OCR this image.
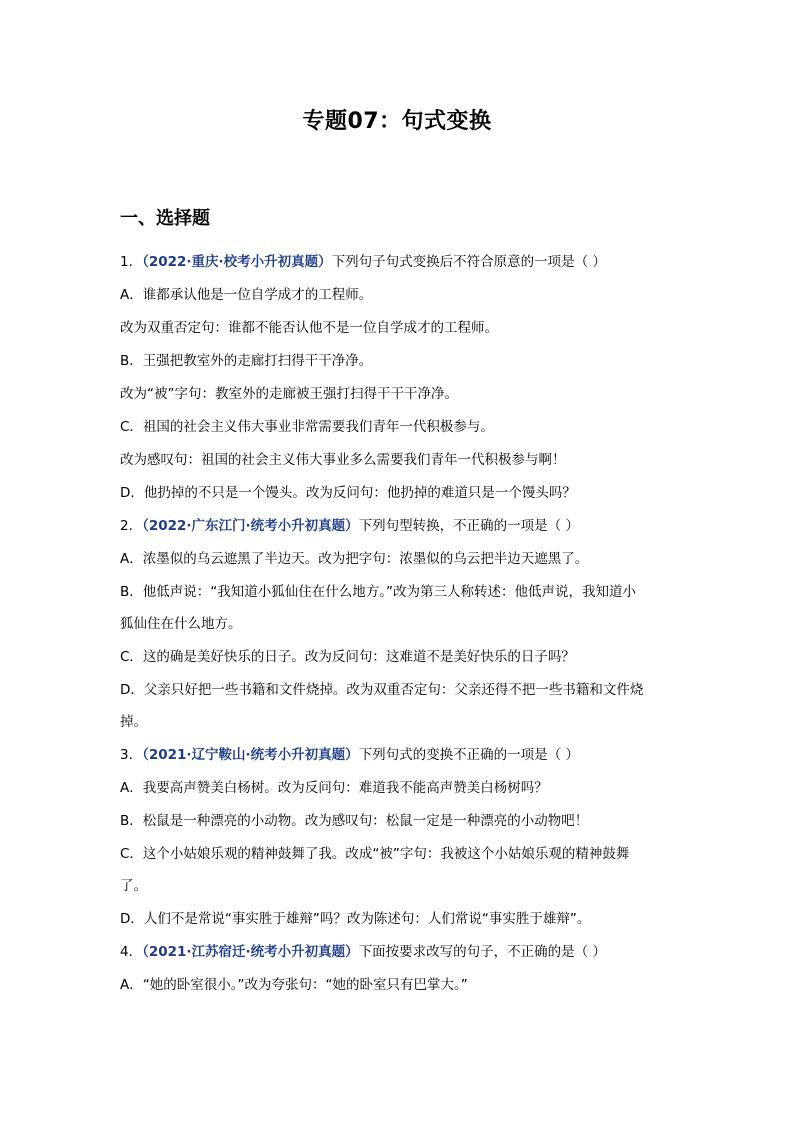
专题07：句式变换
一、选择题
1．（2022·重庆·校考小升初真题）下列句子句式变换后不符合原意的一项是（ ）
A．谁都承认他是一位自学成才的工程师。
改为双重否定句：谁都不能否认他不是一位自学成才的工程师。
B．王强把教室外的走廊打扫得干干净净。
改为“被”字句：教室外的走廊被王强打扫得干干干净净。
C．祖国的社会主义伟大事业非常需要我们青年一代积极参与。
改为感叹句：祖国的社会主义伟大事业多么需要我们青年一代积极参与啊！
D．他扔掉的不只是一个馒头。改为反问句：他扔掉的难道只是一个馒头吗？
2．（2022·广东江门·统考小升初真题）下列句型转换，不正确的一项是（ ）
A．浓墨似的乌云遮黑了半边天。改为把字句：浓墨似的乌云把半边天遮黑了。
B．他低声说：“我知道小狐仙住在什么地方。”改为第三人称转述：他低声说，我知道小
狐仙住在什么地方。
C．这的确是美好快乐的日子。改为反问句：这难道不是美好快乐的日子吗？
D．父亲只好把一些书籍和文件烧掉。改为双重否定句：父亲还得不把一些书籍和文件烧
掉。
3．（2021·辽宁鞍山·统考小升初真题）下列句式的变换不正确的一项是（ ）
A．我要高声赞美白杨树。改为反问句：难道我不能高声赞美白杨树吗？
B．松鼠是一种漂亮的小动物。改为感叹句：松鼠一定是一种漂亮的小动物吧！
C．这个小姑娘乐观的精神鼓舞了我。改成“被”字句：我被这个小姑娘乐观的精神鼓舞
了。
D．人们不是常说“事实胜于雄辩”吗？改为陈述句：人们常说“事实胜于雄辩”。
4．（2021·江苏宿迁·统考小升初真题）下面按要求改写的句子，不正确的是（ ）
A．“她的卧室很小。”改为夸张句：“她的卧室只有巴掌大。”
